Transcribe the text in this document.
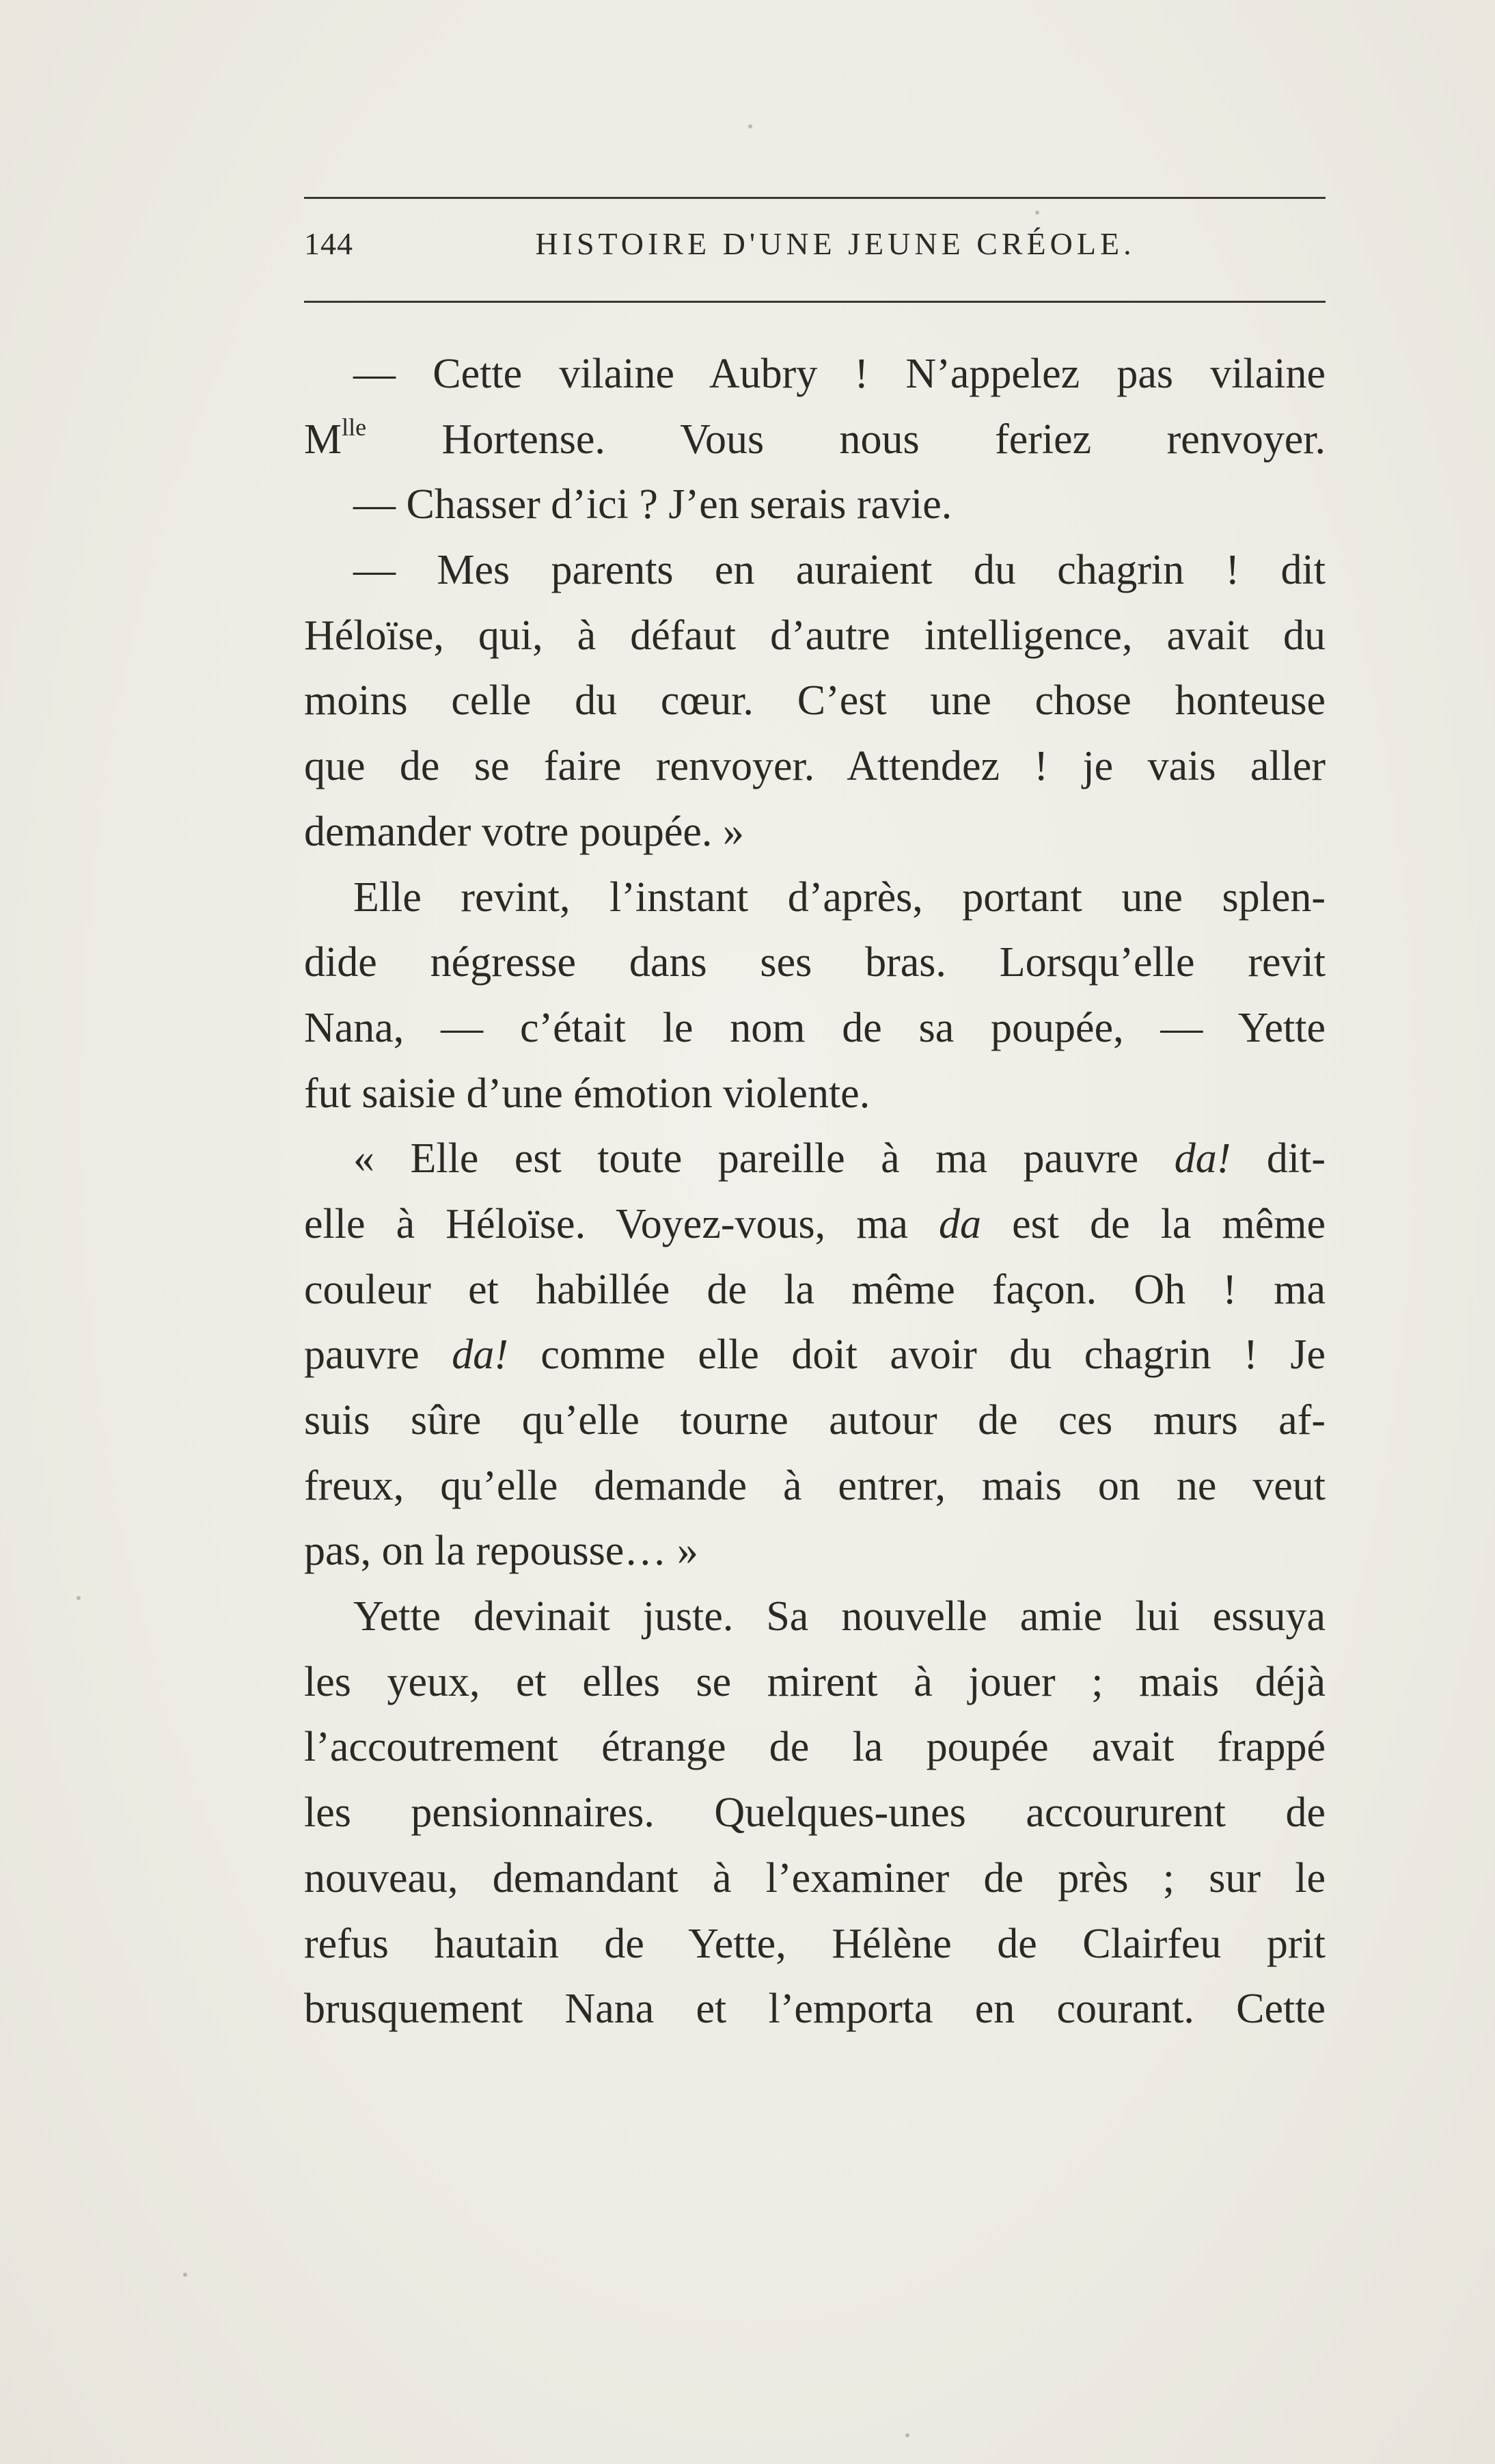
144	HISTOIRE D'UNE JEUNE CRÉOLE.
— Cette vilaine Aubry ! N’appelez pas vilaine
$M^{lle}$ Hortense. Vous nous feriez renvoyer.
— Chasser d’ici ? J’en serais ravie.
— Mes parents en auraient du chagrin ! dit
Héloïse, qui, à défaut d’autre intelligence, avait du
moins celle du cœur. C’est une chose honteuse
que de se faire renvoyer. Attendez ! je vais aller
demander votre poupée. »
Elle revint, l’instant d’après, portant une splen-
dide négresse dans ses bras. Lorsqu’elle revit
Nana, — c’était le nom de sa poupée, — Yette
fut saisie d’une émotion violente.
« Elle est toute pareille à ma pauvre da! dit-
elle à Héloïse. Voyez-vous, ma da est de la même
couleur et habillée de la même façon. Oh ! ma
pauvre da! comme elle doit avoir du chagrin ! Je
suis sûre qu’elle tourne autour de ces murs af-
freux, qu’elle demande à entrer, mais on ne veut
pas, on la repousse… »
Yette devinait juste. Sa nouvelle amie lui essuya
les yeux, et elles se mirent à jouer ; mais déjà
l’accoutrement étrange de la poupée avait frappé
les pensionnaires. Quelques-unes accoururent de
nouveau, demandant à l’examiner de près ; sur le
refus hautain de Yette, Hélène de Clairfeu prit
brusquement Nana et l’emporta en courant. Cette
